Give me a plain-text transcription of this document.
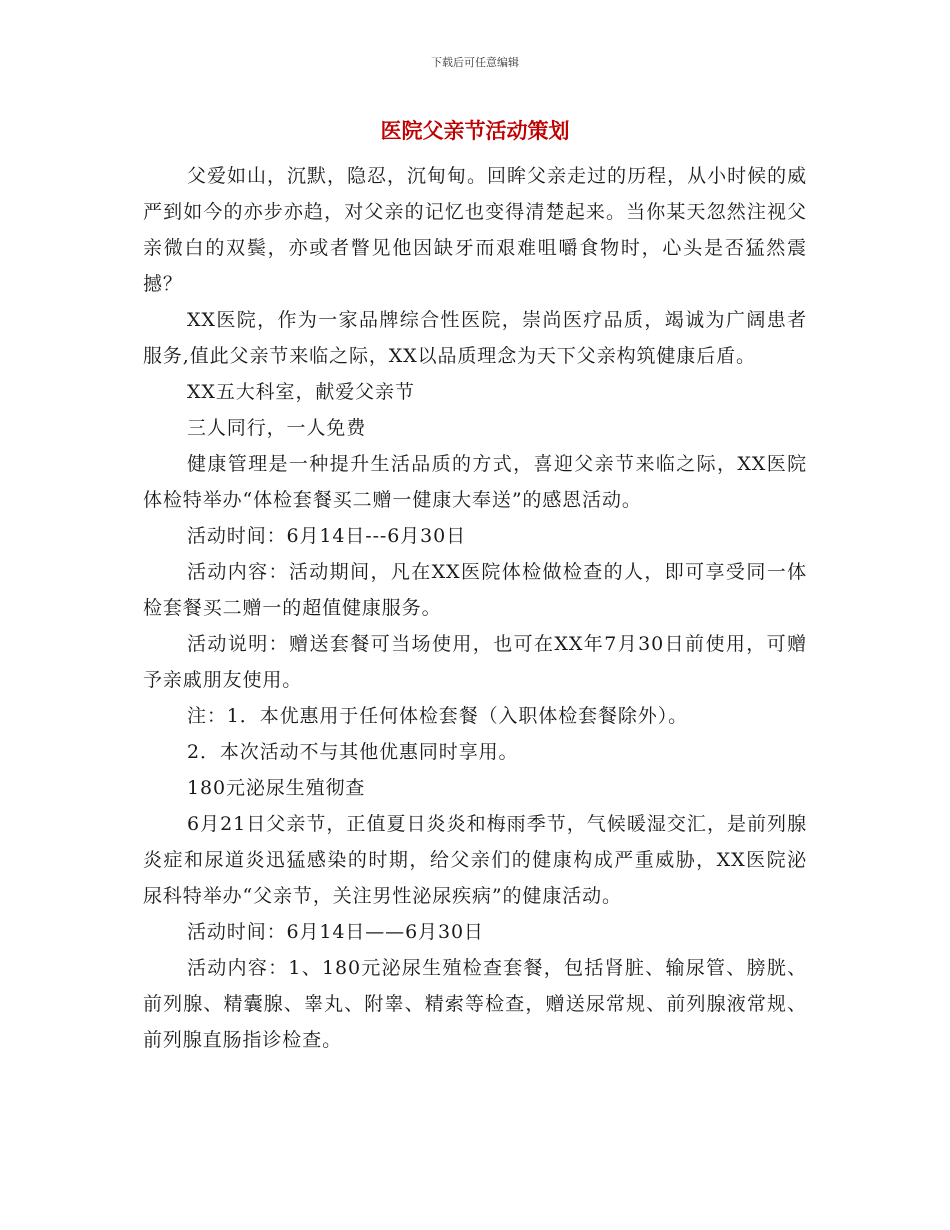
下载后可任意编辑
医院父亲节活动策划

父爱如山，沉默，隐忍，沉甸甸。回眸父亲走过的历程，从小时候的威严到如今的亦步亦趋，对父亲的记忆也变得清楚起来。当你某天忽然注视父亲微白的双鬓，亦或者瞥见他因缺牙而艰难咀嚼食物时，心头是否猛然震撼？

XX医院，作为一家品牌综合性医院，崇尚医疗品质，竭诚为广阔患者服务,值此父亲节来临之际，XX以品质理念为天下父亲构筑健康后盾。

XX五大科室，献爱父亲节

三人同行，一人免费

健康管理是一种提升生活品质的方式，喜迎父亲节来临之际，XX医院体检特举办“体检套餐买二赠一健康大奉送”的感恩活动。

活动时间：6月14日---6月30日

活动内容：活动期间，凡在XX医院体检做检查的人，即可享受同一体检套餐买二赠一的超值健康服务。

活动说明：赠送套餐可当场使用，也可在XX年7月30日前使用，可赠予亲戚朋友使用。

注：1．本优惠用于任何体检套餐（入职体检套餐除外）。

2．本次活动不与其他优惠同时享用。

180元泌尿生殖彻查

6月21日父亲节，正值夏日炎炎和梅雨季节，气候暖湿交汇，是前列腺炎症和尿道炎迅猛感染的时期，给父亲们的健康构成严重威胁，XX医院泌尿科特举办“父亲节，关注男性泌尿疾病”的健康活动。

活动时间：6月14日——6月30日

活动内容：1、180元泌尿生殖检查套餐，包括肾脏、输尿管、膀胱、前列腺、精囊腺、睾丸、附睾、精索等检查，赠送尿常规、前列腺液常规、前列腺直肠指诊检查。
